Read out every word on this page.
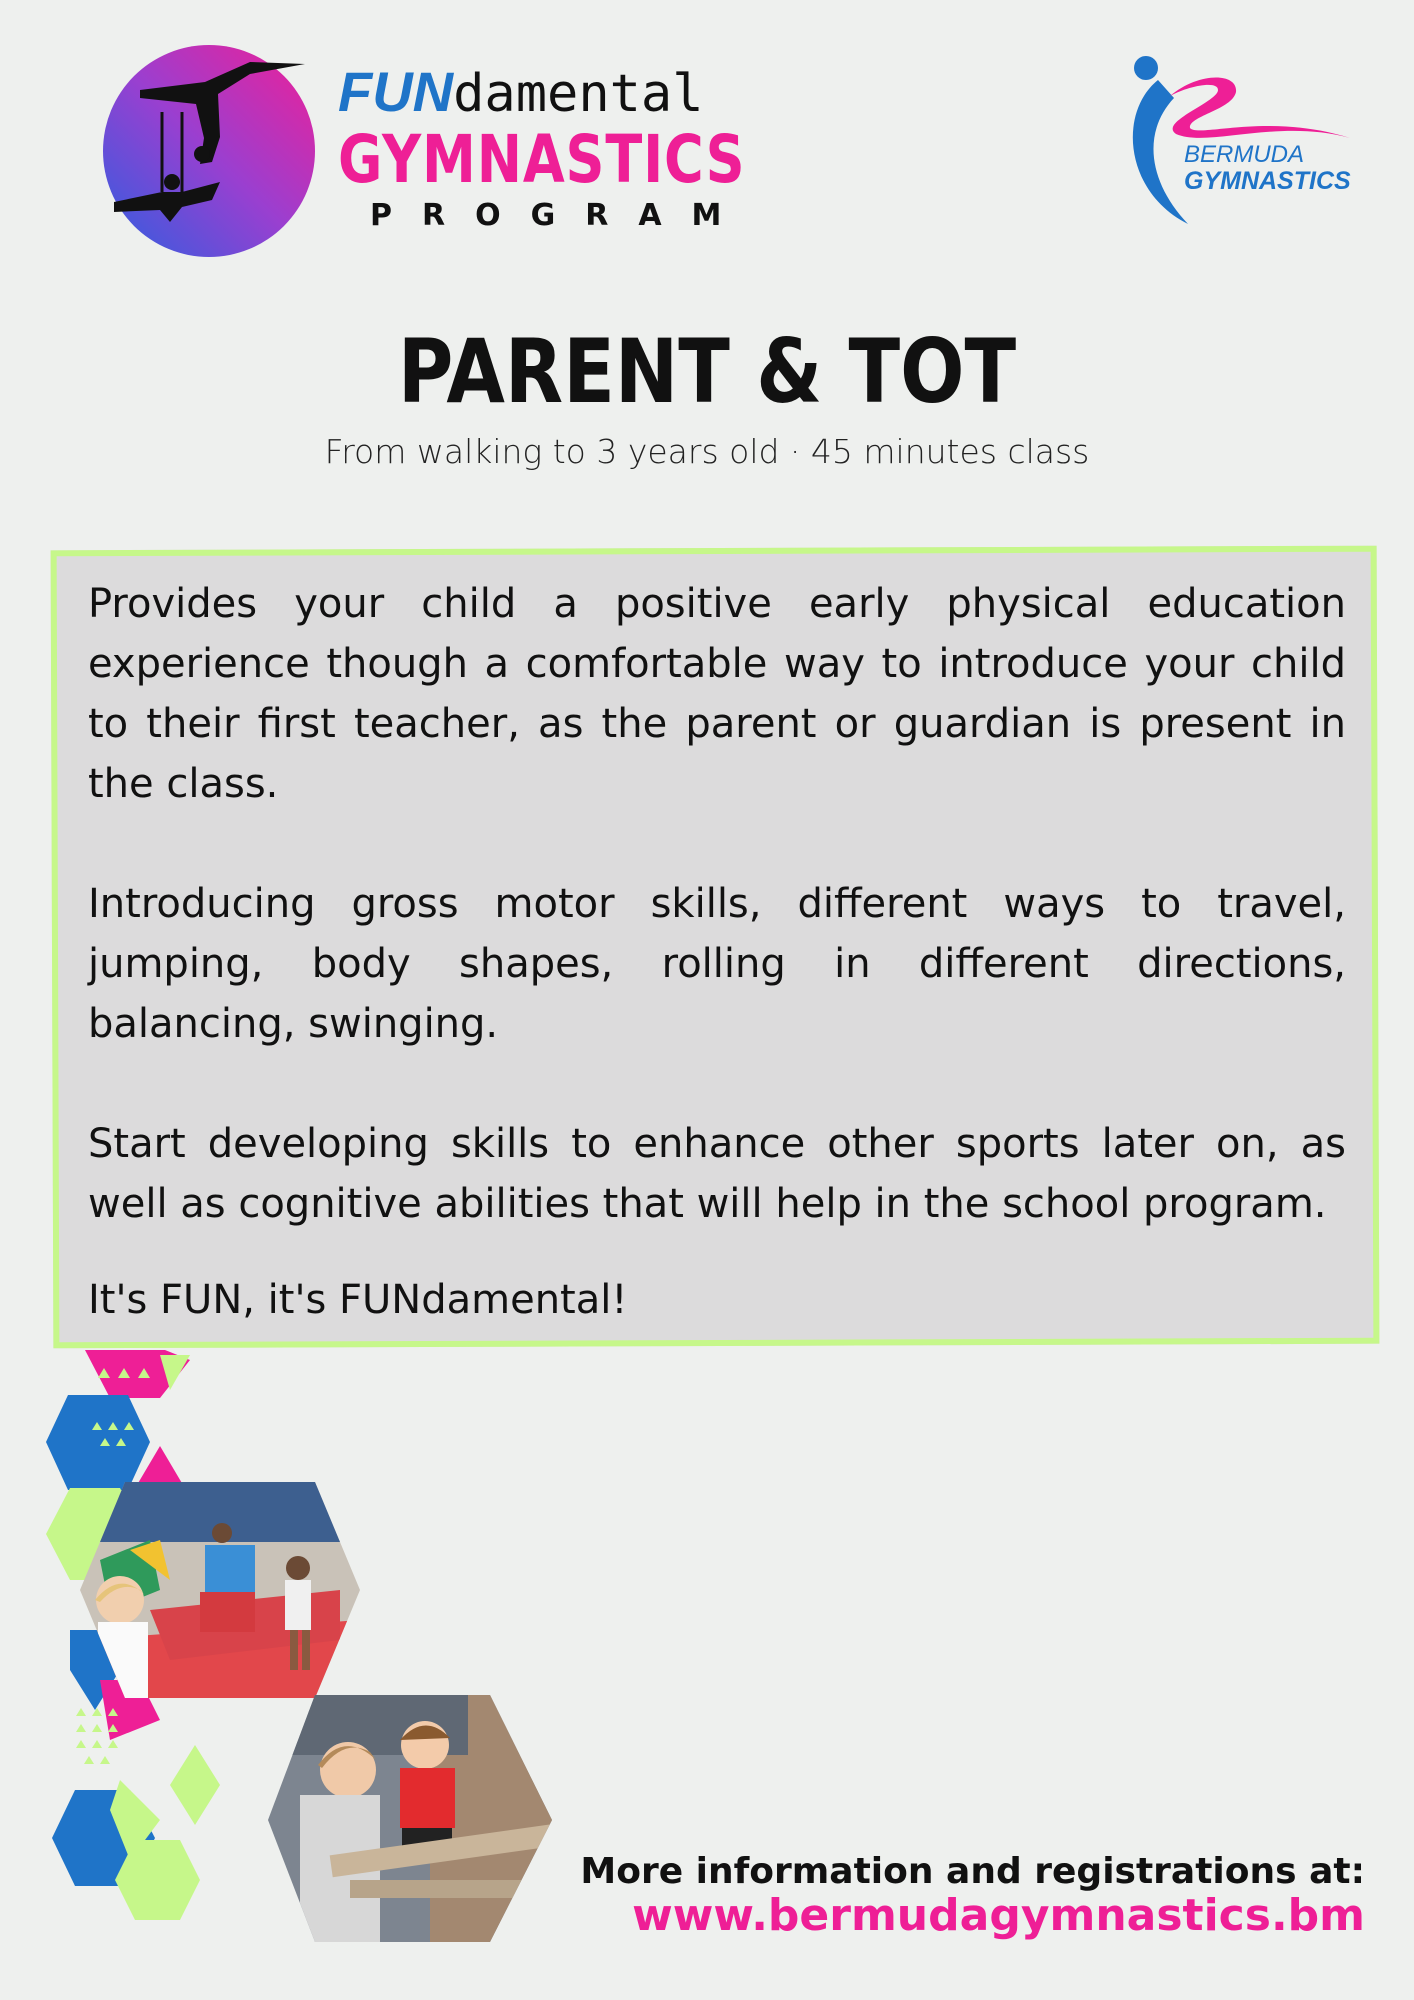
FUNdamental
GYMNASTICS
PROGRAM
BERMUDA
GYMNASTICS
PARENT & TOT
From walking to 3 years old · 45 minutes class

Provides your child a positive early physical education experience though a comfortable way to introduce your child to their first teacher, as the parent or guardian is present in the class.

Introducing gross motor skills, different ways to travel, jumping, body shapes, rolling in different directions, balancing, swinging.

Start developing skills to enhance other sports later on, as well as cognitive abilities that will help in the school program.

It's FUN, it's FUNdamental!

More information and registrations at:
www.bermudagymnastics.bm
